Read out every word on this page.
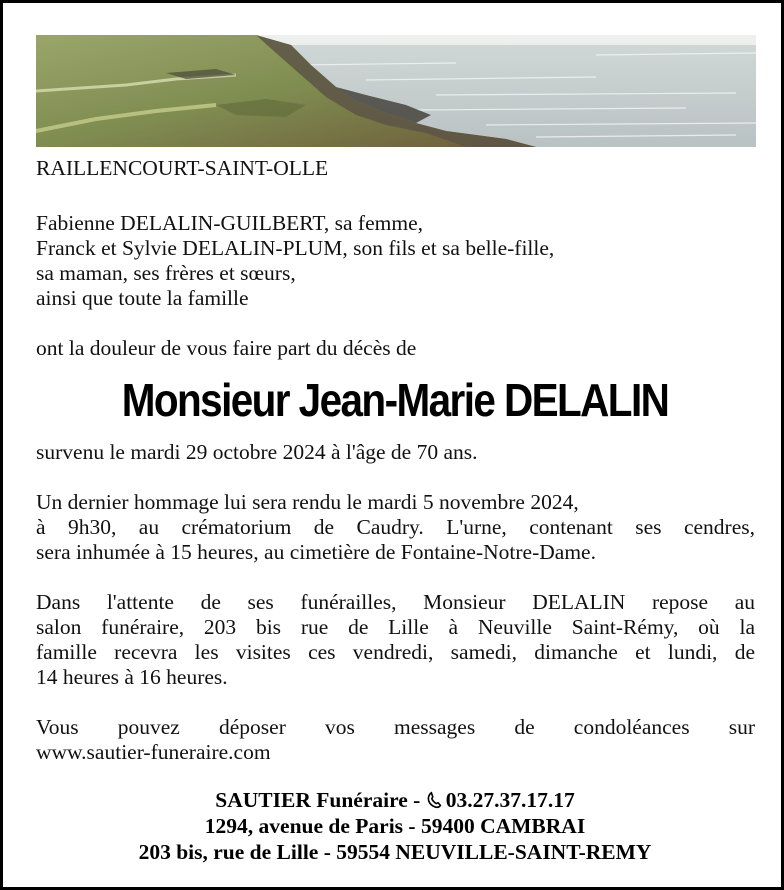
RAILLENCOURT-SAINT-OLLE

Fabienne DELALIN-GUILBERT, sa femme,

Franck et Sylvie DELALIN-PLUM, son fils et sa belle-fille,

sa maman, ses frères et sœurs,

ainsi que toute la famille

ont la douleur de vous faire part du décès de

Monsieur Jean-Marie DELALIN

survenu le mardi 29 octobre 2024 à l'âge de 70 ans.

Un dernier hommage lui sera rendu le mardi 5 novembre 2024,
à 9h30, au crématorium de Caudry. L'urne, contenant ses cendres,
sera inhumée à 15 heures, au cimetière de Fontaine-Notre-Dame.
Dans l'attente de ses funérailles, Monsieur DELALIN repose au
salon funéraire, 203 bis rue de Lille à Neuville Saint-Rémy, où la
famille recevra les visites ces vendredi, samedi, dimanche et lundi, de
14 heures à 16 heures.
Vous pouvez déposer vos messages de condoléances sur
www.sautier-funeraire.com
SAUTIER Funéraire - 03.27.37.17.17
1294, avenue de Paris - 59400 CAMBRAI
203 bis, rue de Lille - 59554 NEUVILLE-SAINT-REMY
